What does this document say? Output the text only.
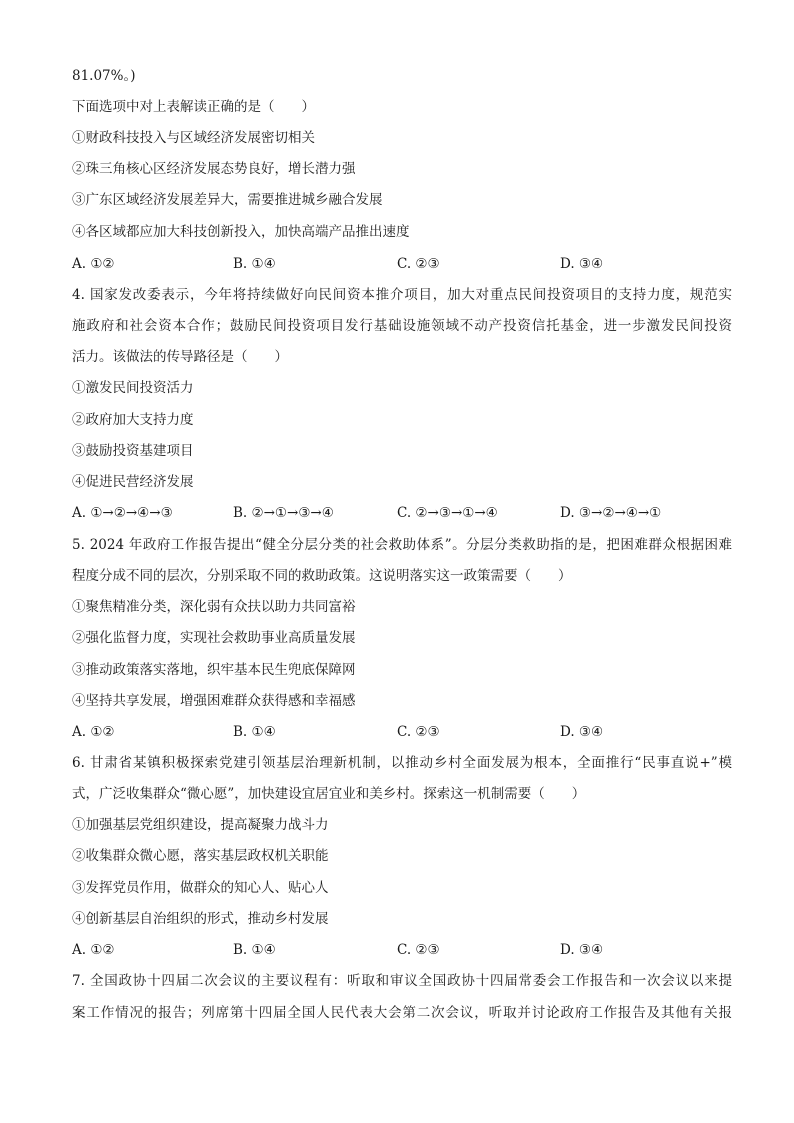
81.07%。)
下面选项中对上表解读正确的是（　　）
①财政科技投入与区域经济发展密切相关
②珠三角核心区经济发展态势良好，增长潜力强
③广东区域经济发展差异大，需要推进城乡融合发展
④各区域都应加大科技创新投入，加快高端产品推出速度
A. ①②	B. ①④	C. ②③	D. ③④
4. 国家发改委表示，今年将持续做好向民间资本推介项目，加大对重点民间投资项目的支持力度，规范实
施政府和社会资本合作；鼓励民间投资项目发行基础设施领域不动产投资信托基金，进一步激发民间投资
活力。该做法的传导路径是（　　）
①激发民间投资活力
②政府加大支持力度
③鼓励投资基建项目
④促进民营经济发展
A. ①→②→④→③	B. ②→①→③→④	C. ②→③→①→④	D. ③→②→④→①
5. 2024 年政府工作报告提出“健全分层分类的社会救助体系”。分层分类救助指的是，把困难群众根据困难
程度分成不同的层次，分别采取不同的救助政策。这说明落实这一政策需要（　　）
①聚焦精准分类，深化弱有众扶以助力共同富裕
②强化监督力度，实现社会救助事业高质量发展
③推动政策落实落地，织牢基本民生兜底保障网
④坚持共享发展，增强困难群众获得感和幸福感
A. ①②	B. ①④	C. ②③	D. ③④
6. 甘肃省某镇积极探索党建引领基层治理新机制，以推动乡村全面发展为根本，全面推行“民事直说+”模
式，广泛收集群众“微心愿”，加快建设宜居宜业和美乡村。探索这一机制需要（　　）
①加强基层党组织建设，提高凝聚力战斗力
②收集群众微心愿，落实基层政权机关职能
③发挥党员作用，做群众的知心人、贴心人
④创新基层自治组织的形式，推动乡村发展
A. ①②	B. ①④	C. ②③	D. ③④
7. 全国政协十四届二次会议的主要议程有：听取和审议全国政协十四届常委会工作报告和一次会议以来提
案工作情况的报告；列席第十四届全国人民代表大会第二次会议，听取并讨论政府工作报告及其他有关报
